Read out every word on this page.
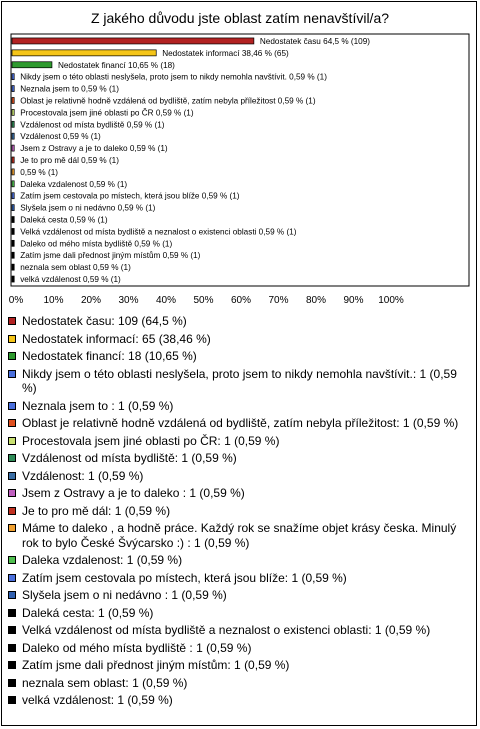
Z jakého důvodu jste oblast zatím nenavštívil/a?
Nedostatek času 64,5 % (109)
Nedostatek informací 38,46 % (65)
Nedostatek financí 10,65 % (18)
Nikdy jsem o této oblasti neslyšela, proto jsem to nikdy nemohla navštívit. 0,59 % (1)
Neznala jsem to 0,59 % (1)
Oblast je relativně hodně vzdálená od bydliště, zatím nebyla příležitost 0,59 % (1)
Procestovala jsem jiné oblasti po ČR 0,59 % (1)
Vzdálenost od místa bydliště 0,59 % (1)
Vzdálenost 0,59 % (1)
Jsem z Ostravy a je to daleko 0,59 % (1)
Je to pro mě dál 0,59 % (1)
0,59 % (1)
Daleka vzdalenost 0,59 % (1)
Zatím jsem cestovala po místech, která jsou blíže 0,59 % (1)
Slyšela jsem o ni nedávno 0,59 % (1)
Daleká cesta 0,59 % (1)
Velká vzdálenost od místa bydliště a neznalost o existenci oblasti 0,59 % (1)
Daleko od mého místa bydliště 0,59 % (1)
Zatím jsme dali přednost jiným místům 0,59 % (1)
neznala sem oblast 0,59 % (1)
velká vzdálenost 0,59 % (1)
0% 10% 20% 30% 40% 50% 60% 70% 80% 90% 100%
Nedostatek času: 109 (64,5 %)
Nedostatek informací: 65 (38,46 %)
Nedostatek financí: 18 (10,65 %)
Nikdy jsem o této oblasti neslyšela, proto jsem to nikdy nemohla navštívit.: 1 (0,59 %)
Neznala jsem to : 1 (0,59 %)
Oblast je relativně hodně vzdálená od bydliště, zatím nebyla příležitost: 1 (0,59 %)
Procestovala jsem jiné oblasti po ČR: 1 (0,59 %)
Vzdálenost od místa bydliště: 1 (0,59 %)
Vzdálenost: 1 (0,59 %)
Jsem z Ostravy a je to daleko : 1 (0,59 %)
Je to pro mě dál: 1 (0,59 %)
Máme to daleko , a hodně práce. Každý rok se snažíme objet krásy česka. Minulý rok to bylo České Švýcarsko :) : 1 (0,59 %)
Daleka vzdalenost: 1 (0,59 %)
Zatím jsem cestovala po místech, která jsou blíže: 1 (0,59 %)
Slyšela jsem o ni nedávno : 1 (0,59 %)
Daleká cesta: 1 (0,59 %)
Velká vzdálenost od místa bydliště a neznalost o existenci oblasti: 1 (0,59 %)
Daleko od mého místa bydliště : 1 (0,59 %)
Zatím jsme dali přednost jiným místům: 1 (0,59 %)
neznala sem oblast: 1 (0,59 %)
velká vzdálenost: 1 (0,59 %)
